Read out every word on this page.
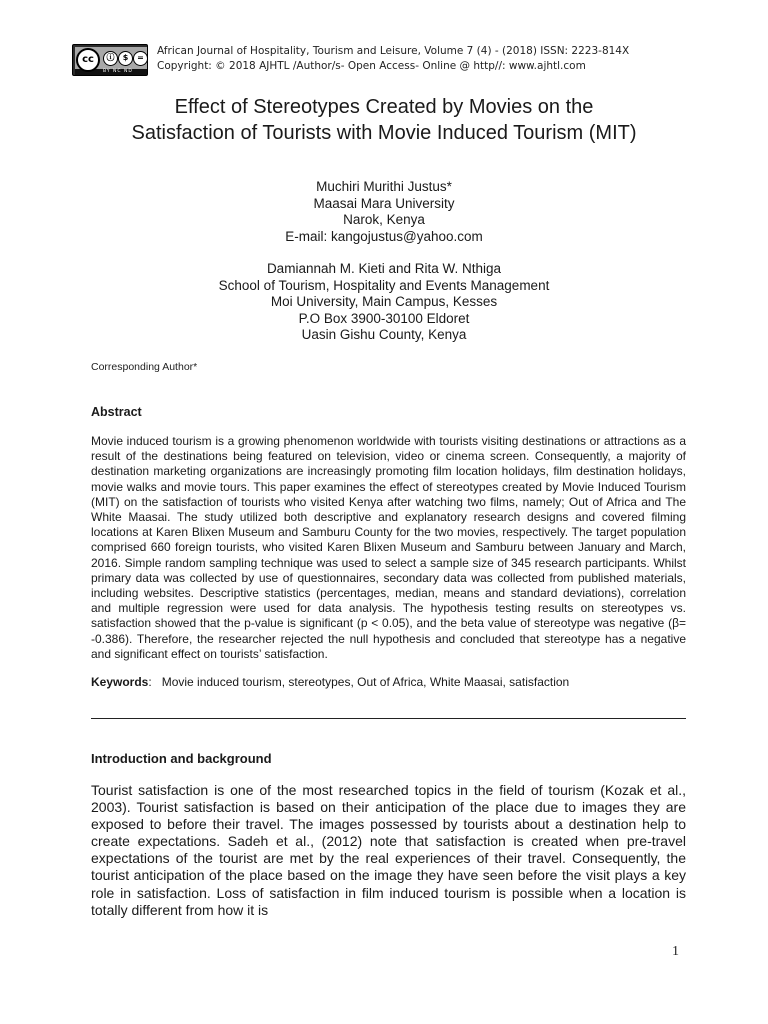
cc	ⓘ	$	=
BY NC ND
African Journal of Hospitality, Tourism and Leisure, Volume 7 (4) - (2018) ISSN: 2223-814X
Copyright: © 2018 AJHTL /Author/s- Open Access- Online @ http//: www.ajhtl.com
Effect of Stereotypes Created by Movies on the
Satisfaction of Tourists with Movie Induced Tourism (MIT)
Muchiri Murithi Justus*
Maasai Mara University
Narok, Kenya
E-mail: kangojustus@yahoo.com
Damiannah M. Kieti and Rita W. Nthiga
School of Tourism, Hospitality and Events Management
Moi University, Main Campus, Kesses
P.O Box 3900-30100 Eldoret
Uasin Gishu County, Kenya
Corresponding Author*
Abstract
Movie induced tourism is a growing phenomenon worldwide with tourists visiting destinations or attractions as a result of the destinations being featured on television, video or cinema screen. Consequently, a majority of destination marketing organizations are increasingly promoting film location holidays, film destination holidays, movie walks and movie tours. This paper examines the effect of stereotypes created by Movie Induced Tourism (MIT) on the satisfaction of tourists who visited Kenya after watching two films, namely; Out of Africa and The White Maasai. The study utilized both descriptive and explanatory research designs and covered filming locations at Karen Blixen Museum and Samburu County for the two movies, respectively. The target population comprised 660 foreign tourists, who visited Karen Blixen Museum and Samburu between January and March, 2016. Simple random sampling technique was used to select a sample size of 345 research participants. Whilst primary data was collected by use of questionnaires, secondary data was collected from published materials, including websites. Descriptive statistics (percentages, median, means and standard deviations), correlation and multiple regression were used for data analysis. The hypothesis testing results on stereotypes vs. satisfaction showed that the p-value is significant (p < 0.05), and the beta value of stereotype was negative (β= -0.386). Therefore, the researcher rejected the null hypothesis and concluded that stereotype has a negative and significant effect on tourists’ satisfaction.
Keywords: Movie induced tourism, stereotypes, Out of Africa, White Maasai, satisfaction
Introduction and background
Tourist satisfaction is one of the most researched topics in the field of tourism (Kozak et al., 2003). Tourist satisfaction is based on their anticipation of the place due to images they are exposed to before their travel. The images possessed by tourists about a destination help to create expectations. Sadeh et al., (2012) note that satisfaction is created when pre-travel expectations of the tourist are met by the real experiences of their travel. Consequently, the tourist anticipation of the place based on the image they have seen before the visit plays a key role in satisfaction. Loss of satisfaction in film induced tourism is possible when a location is totally different from how it is
1
